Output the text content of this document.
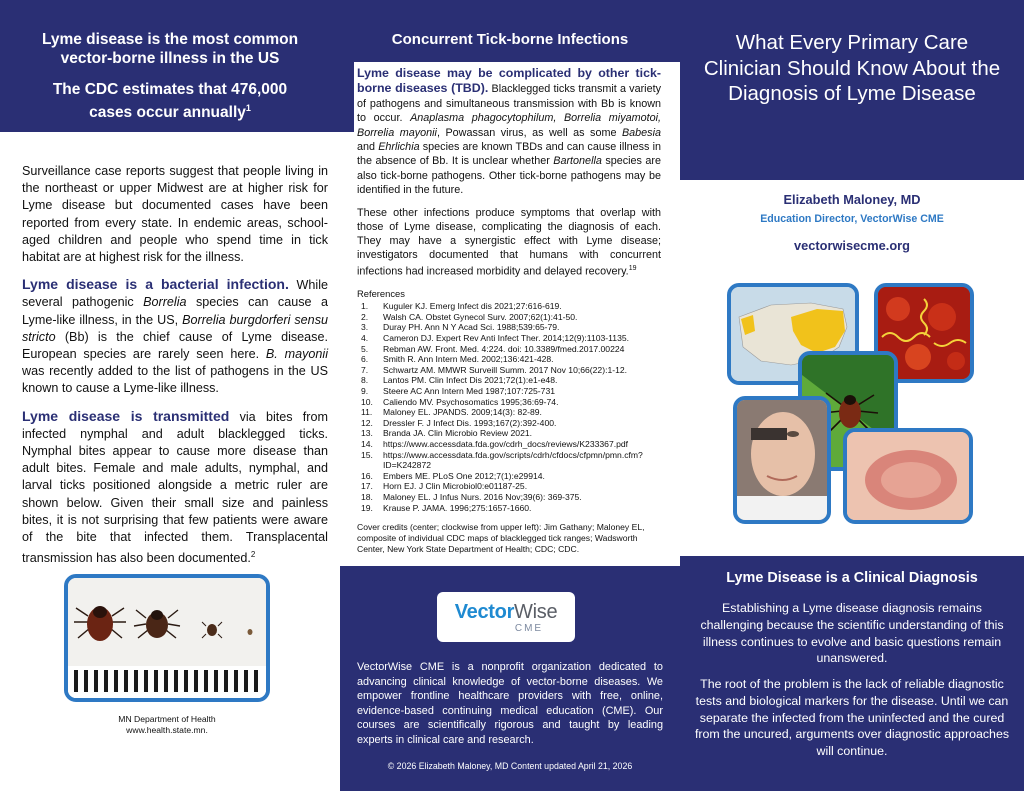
Lyme disease is the most common vector-borne illness in the US
The CDC estimates that 476,000 cases occur annually$^1$

Surveillance case reports suggest that people living in the northeast or upper Midwest are at higher risk for Lyme disease but documented cases have been reported from every state. In endemic areas, school-aged children and people who spend time in tick habitat are at highest risk for the illness.

Lyme disease is a bacterial infection. While several pathogenic Borrelia species can cause a Lyme-like illness, in the US, Borrelia burgdorferi sensu stricto (Bb) is the chief cause of Lyme disease. European species are rarely seen here. B. mayonii was recently added to the list of pathogens in the US known to cause a Lyme-like illness.

Lyme disease is transmitted via bites from infected nymphal and adult blacklegged ticks. Nymphal bites appear to cause more disease than adult bites. Female and male adults, nymphal, and larval ticks positioned alongside a metric ruler are shown below. Given their small size and painless bites, it is not surprising that few patients were aware of the bite that infected them. Transplacental transmission has also been documented.$^2$

MN Department of Health
www.health.state.mn.
Concurrent Tick-borne Infections

Lyme disease may be complicated by other tick-borne diseases (TBD). Blacklegged ticks transmit a variety of pathogens and simultaneous transmission with Bb is known to occur. Anaplasma phagocytophilum, Borrelia miyamotoi, Borrelia mayonii, Powassan virus, as well as some Babesia and Ehrlichia species are known TBDs and can cause illness in the absence of Bb. It is unclear whether Bartonella species are also tick-borne pathogens. Other tick-borne pathogens may be identified in the future.

These other infections produce symptoms that overlap with those of Lyme disease, complicating the diagnosis of each. They may have a synergistic effect with Lyme disease; investigators documented that humans with concurrent infections had increased morbidity and delayed recovery.$^{19}$

References
1.	Kuguler KJ. Emerg Infect dis 2021;27:616-619.
2.	Walsh CA. Obstet Gynecol Surv. 2007;62(1):41-50.
3.	Duray PH. Ann N Y Acad Sci. 1988;539:65-79.
4.	Cameron DJ. Expert Rev Anti Infect Ther. 2014;12(9):1103-1135.
5.	Rebman AW. Front. Med. 4:224. doi: 10.3389/fmed.2017.00224
6.	Smith R. Ann Intern Med. 2002;136:421-428.
7.	Schwartz AM. MMWR Surveill Summ. 2017 Nov 10;66(22):1-12.
8.	Lantos PM. Clin Infect Dis 2021;72(1):e1-e48.
9.	Steere AC Ann Intern Med 1987;107:725-731
10.	Caliendo MV. Psychosomatics 1995;36:69-74.
11.	Maloney EL. JPANDS. 2009;14(3): 82-89.
12.	Dressler F. J Infect Dis. 1993;167(2):392-400.
13.	Branda JA. Clin Microbio Review 2021.
14.	https://www.accessdata.fda.gov/cdrh_docs/reviews/K233367.pdf
15.	https://www.accessdata.fda.gov/scripts/cdrh/cfdocs/cfpmn/pmn.cfm?ID=K242872
16.	Embers ME. PLoS One 2012;7(1):e29914.
17.	Horn EJ. J Clin Microbiol0:e01187-25.
18.	Maloney EL. J Infus Nurs. 2016 Nov;39(6): 369-375.
19.	Krause P. JAMA. 1996;275:1657-1660.

Cover credits (center; clockwise from upper left): Jim Gathany; Maloney EL, composite of individual CDC maps of blacklegged tick ranges; Wadsworth Center, New York State Department of Health; CDC; CDC.

VectorWise
CME

VectorWise CME is a nonprofit organization dedicated to advancing clinical knowledge of vector-borne diseases. We empower frontline healthcare providers with free, online, evidence-based continuing medical education (CME). Our courses are scientifically rigorous and taught by leading experts in clinical care and research.

© 2026 Elizabeth Maloney, MD Content updated April 21, 2026
What Every Primary Care Clinician Should Know About the Diagnosis of Lyme Disease
Elizabeth Maloney, MD
Education Director, VectorWise CME
vectorwisecme.org
Lyme Disease is a Clinical Diagnosis

Establishing a Lyme disease diagnosis remains challenging because the scientific understanding of this illness continues to evolve and basic questions remain unanswered.

The root of the problem is the lack of reliable diagnostic tests and biological markers for the disease. Until we can separate the infected from the uninfected and the cured from the uncured, arguments over diagnostic approaches will continue.
